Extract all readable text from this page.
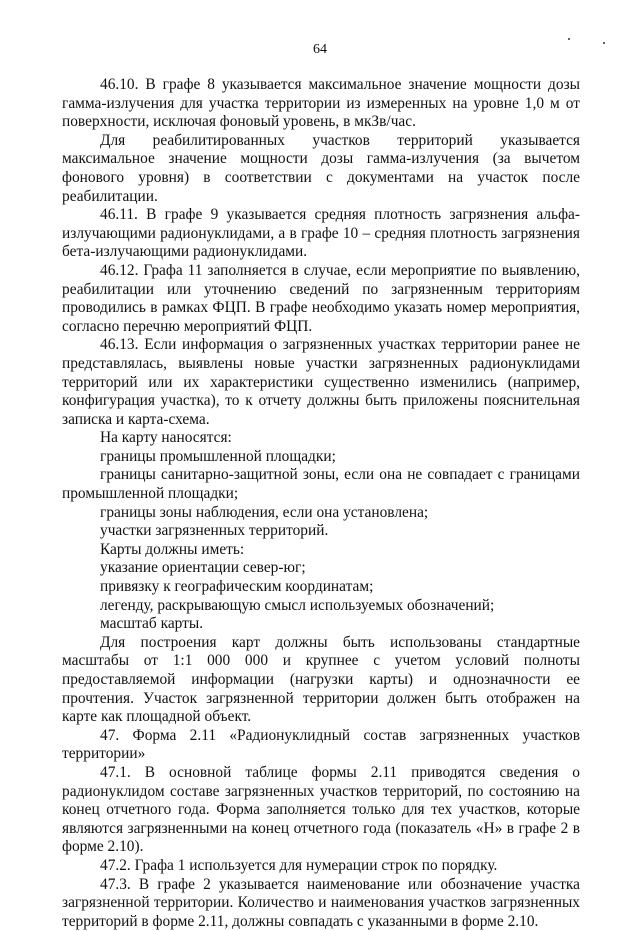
64

46.10. В графе 8 указывается максимальное значение мощности дозы гамма-излучения для участка территории из измеренных на уровне 1,0 м от поверхности, исключая фоновый уровень, в мкЗв/час.

Для реабилитированных участков территорий указывается максимальное значение мощности дозы гамма-излучения (за вычетом фонового уровня) в соответствии с документами на участок после реабилитации.

46.11. В графе 9 указывается средняя плотность загрязнения альфа-излучающими радионуклидами, а в графе 10 – средняя плотность загрязнения бета-излучающими радионуклидами.

46.12. Графа 11 заполняется в случае, если мероприятие по выявлению, реабилитации или уточнению сведений по загрязненным территориям проводились в рамках ФЦП. В графе необходимо указать номер мероприятия, согласно перечню мероприятий ФЦП.

46.13. Если информация о загрязненных участках территории ранее не представлялась, выявлены новые участки загрязненных радионуклидами территорий или их характеристики существенно изменились (например, конфигурация участка), то к отчету должны быть приложены пояснительная записка и карта-схема.

На карту наносятся:

границы промышленной площадки;

границы санитарно-защитной зоны, если она не совпадает с границами промышленной площадки;

границы зоны наблюдения, если она установлена;

участки загрязненных территорий.

Карты должны иметь:

указание ориентации север-юг;

привязку к географическим координатам;

легенду, раскрывающую смысл используемых обозначений;

масштаб карты.

Для построения карт должны быть использованы стандартные масштабы от 1:1 000 000 и крупнее с учетом условий полноты предоставляемой информации (нагрузки карты) и однозначности ее прочтения. Участок загрязненной территории должен быть отображен на карте как площадной объект.

47. Форма 2.11 «Радионуклидный состав загрязненных участков территории»

47.1. В основной таблице формы 2.11 приводятся сведения о радионуклидом составе загрязненных участков территорий, по состоянию на конец отчетного года. Форма заполняется только для тех участков, которые являются загрязненными на конец отчетного года (показатель «Н» в графе 2 в форме 2.10).

47.2. Графа 1 используется для нумерации строк по порядку.

47.3. В графе 2 указывается наименование или обозначение участка загрязненной территории. Количество и наименования участков загрязненных территорий в форме 2.11, должны совпадать с указанными в форме 2.10.
